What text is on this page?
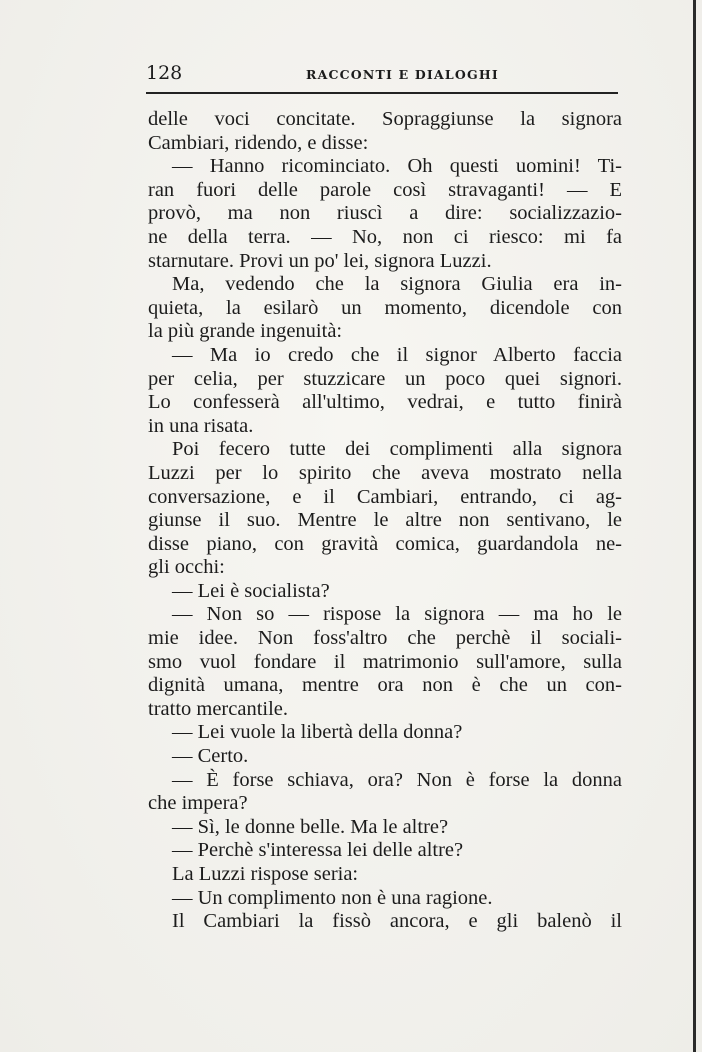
128	RACCONTI E DIALOGHI
delle voci concitate. Sopraggiunse la signora
Cambiari, ridendo, e disse:
— Hanno ricominciato. Oh questi uomini! Ti-
ran fuori delle parole così stravaganti! — E
provò, ma non riuscì a dire: socializzazio-
ne della terra. — No, non ci riesco: mi fa
starnutare. Provi un po' lei, signora Luzzi.
Ma, vedendo che la signora Giulia era in-
quieta, la esilarò un momento, dicendole con
la più grande ingenuità:
— Ma io credo che il signor Alberto faccia
per celia, per stuzzicare un poco quei signori.
Lo confesserà all'ultimo, vedrai, e tutto finirà
in una risata.
Poi fecero tutte dei complimenti alla signora
Luzzi per lo spirito che aveva mostrato nella
conversazione, e il Cambiari, entrando, ci ag-
giunse il suo. Mentre le altre non sentivano, le
disse piano, con gravità comica, guardandola ne-
gli occhi:
— Lei è socialista?
— Non so — rispose la signora — ma ho le
mie idee. Non foss'altro che perchè il sociali-
smo vuol fondare il matrimonio sull'amore, sulla
dignità umana, mentre ora non è che un con-
tratto mercantile.
— Lei vuole la libertà della donna?
— Certo.
— È forse schiava, ora? Non è forse la donna
che impera?
— Sì, le donne belle. Ma le altre?
— Perchè s'interessa lei delle altre?
La Luzzi rispose seria:
— Un complimento non è una ragione.
Il Cambiari la fissò ancora, e gli balenò il
